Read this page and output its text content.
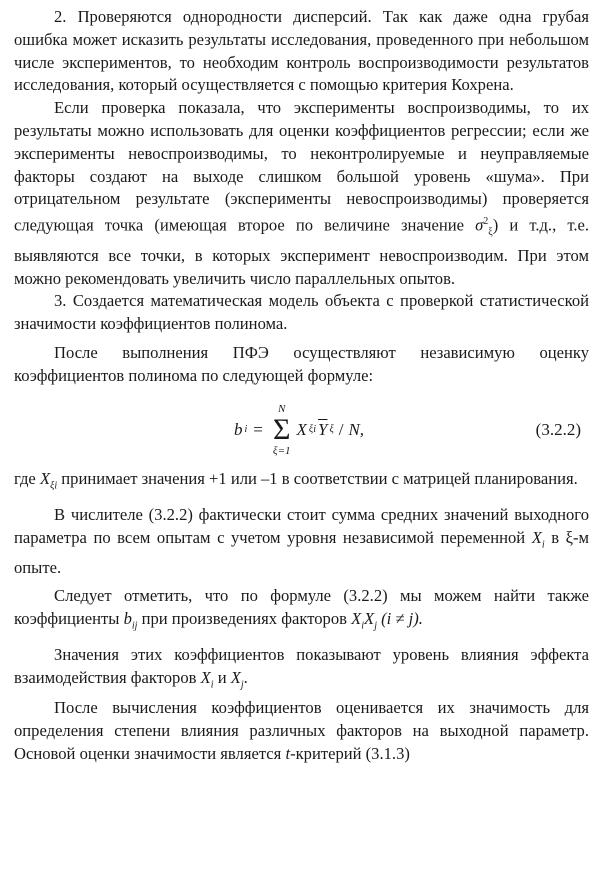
2. Проверяются однородности дисперсий. Так как даже одна грубая ошибка может исказить результаты исследования, проведенного при небольшом числе экспериментов, то необходим контроль воспроизводимости результатов исследования, который осуществляется с помощью критерия Кохрена.

Если проверка показала, что эксперименты воспроизводимы, то их результаты можно использовать для оценки коэффициентов регрессии; если же эксперименты невоспроизводимы, то неконтролируемые и неуправляемые факторы создают на выходе слишком большой уровень «шума». При отрицательном результате (эксперименты невоспроизводимы) проверяется следующая точка (имеющая второе по величине значение $\sigma^2_\xi$) и т.д., т.е. выявляются все точки, в которых эксперимент невоспроизводим. При этом можно рекомендовать увеличить число параллельных опытов.

3. Создается математическая модель объекта с проверкой статистической значимости коэффициентов полинома.

После выполнения ПФЭ осуществляют независимую оценку коэффициентов полинома по следующей формуле:

b i =
N
Σ
ξ=1
X ξi $\overline{Y}$ ξ / N,	(3.2.2)

где $X_{\xi i}$ принимает значения +1 или –1 в соответствии с матрицей планирования.

В числителе (3.2.2) фактически стоит сумма средних значений выходного параметра по всем опытам с учетом уровня независимой переменной $X_i$ в ξ-м опыте.

Следует отметить, что по формуле (3.2.2) мы можем найти также коэффициенты $b_{ij}$ при произведениях факторов $X_iX_j$ (i ≠ j).

Значения этих коэффициентов показывают уровень влияния эффекта взаимодействия факторов $X_i$ и $X_j$.

После вычисления коэффициентов оценивается их значимость для определения степени влияния различных факторов на выходной параметр. Основой оценки значимости является t-критерий (3.1.3)
